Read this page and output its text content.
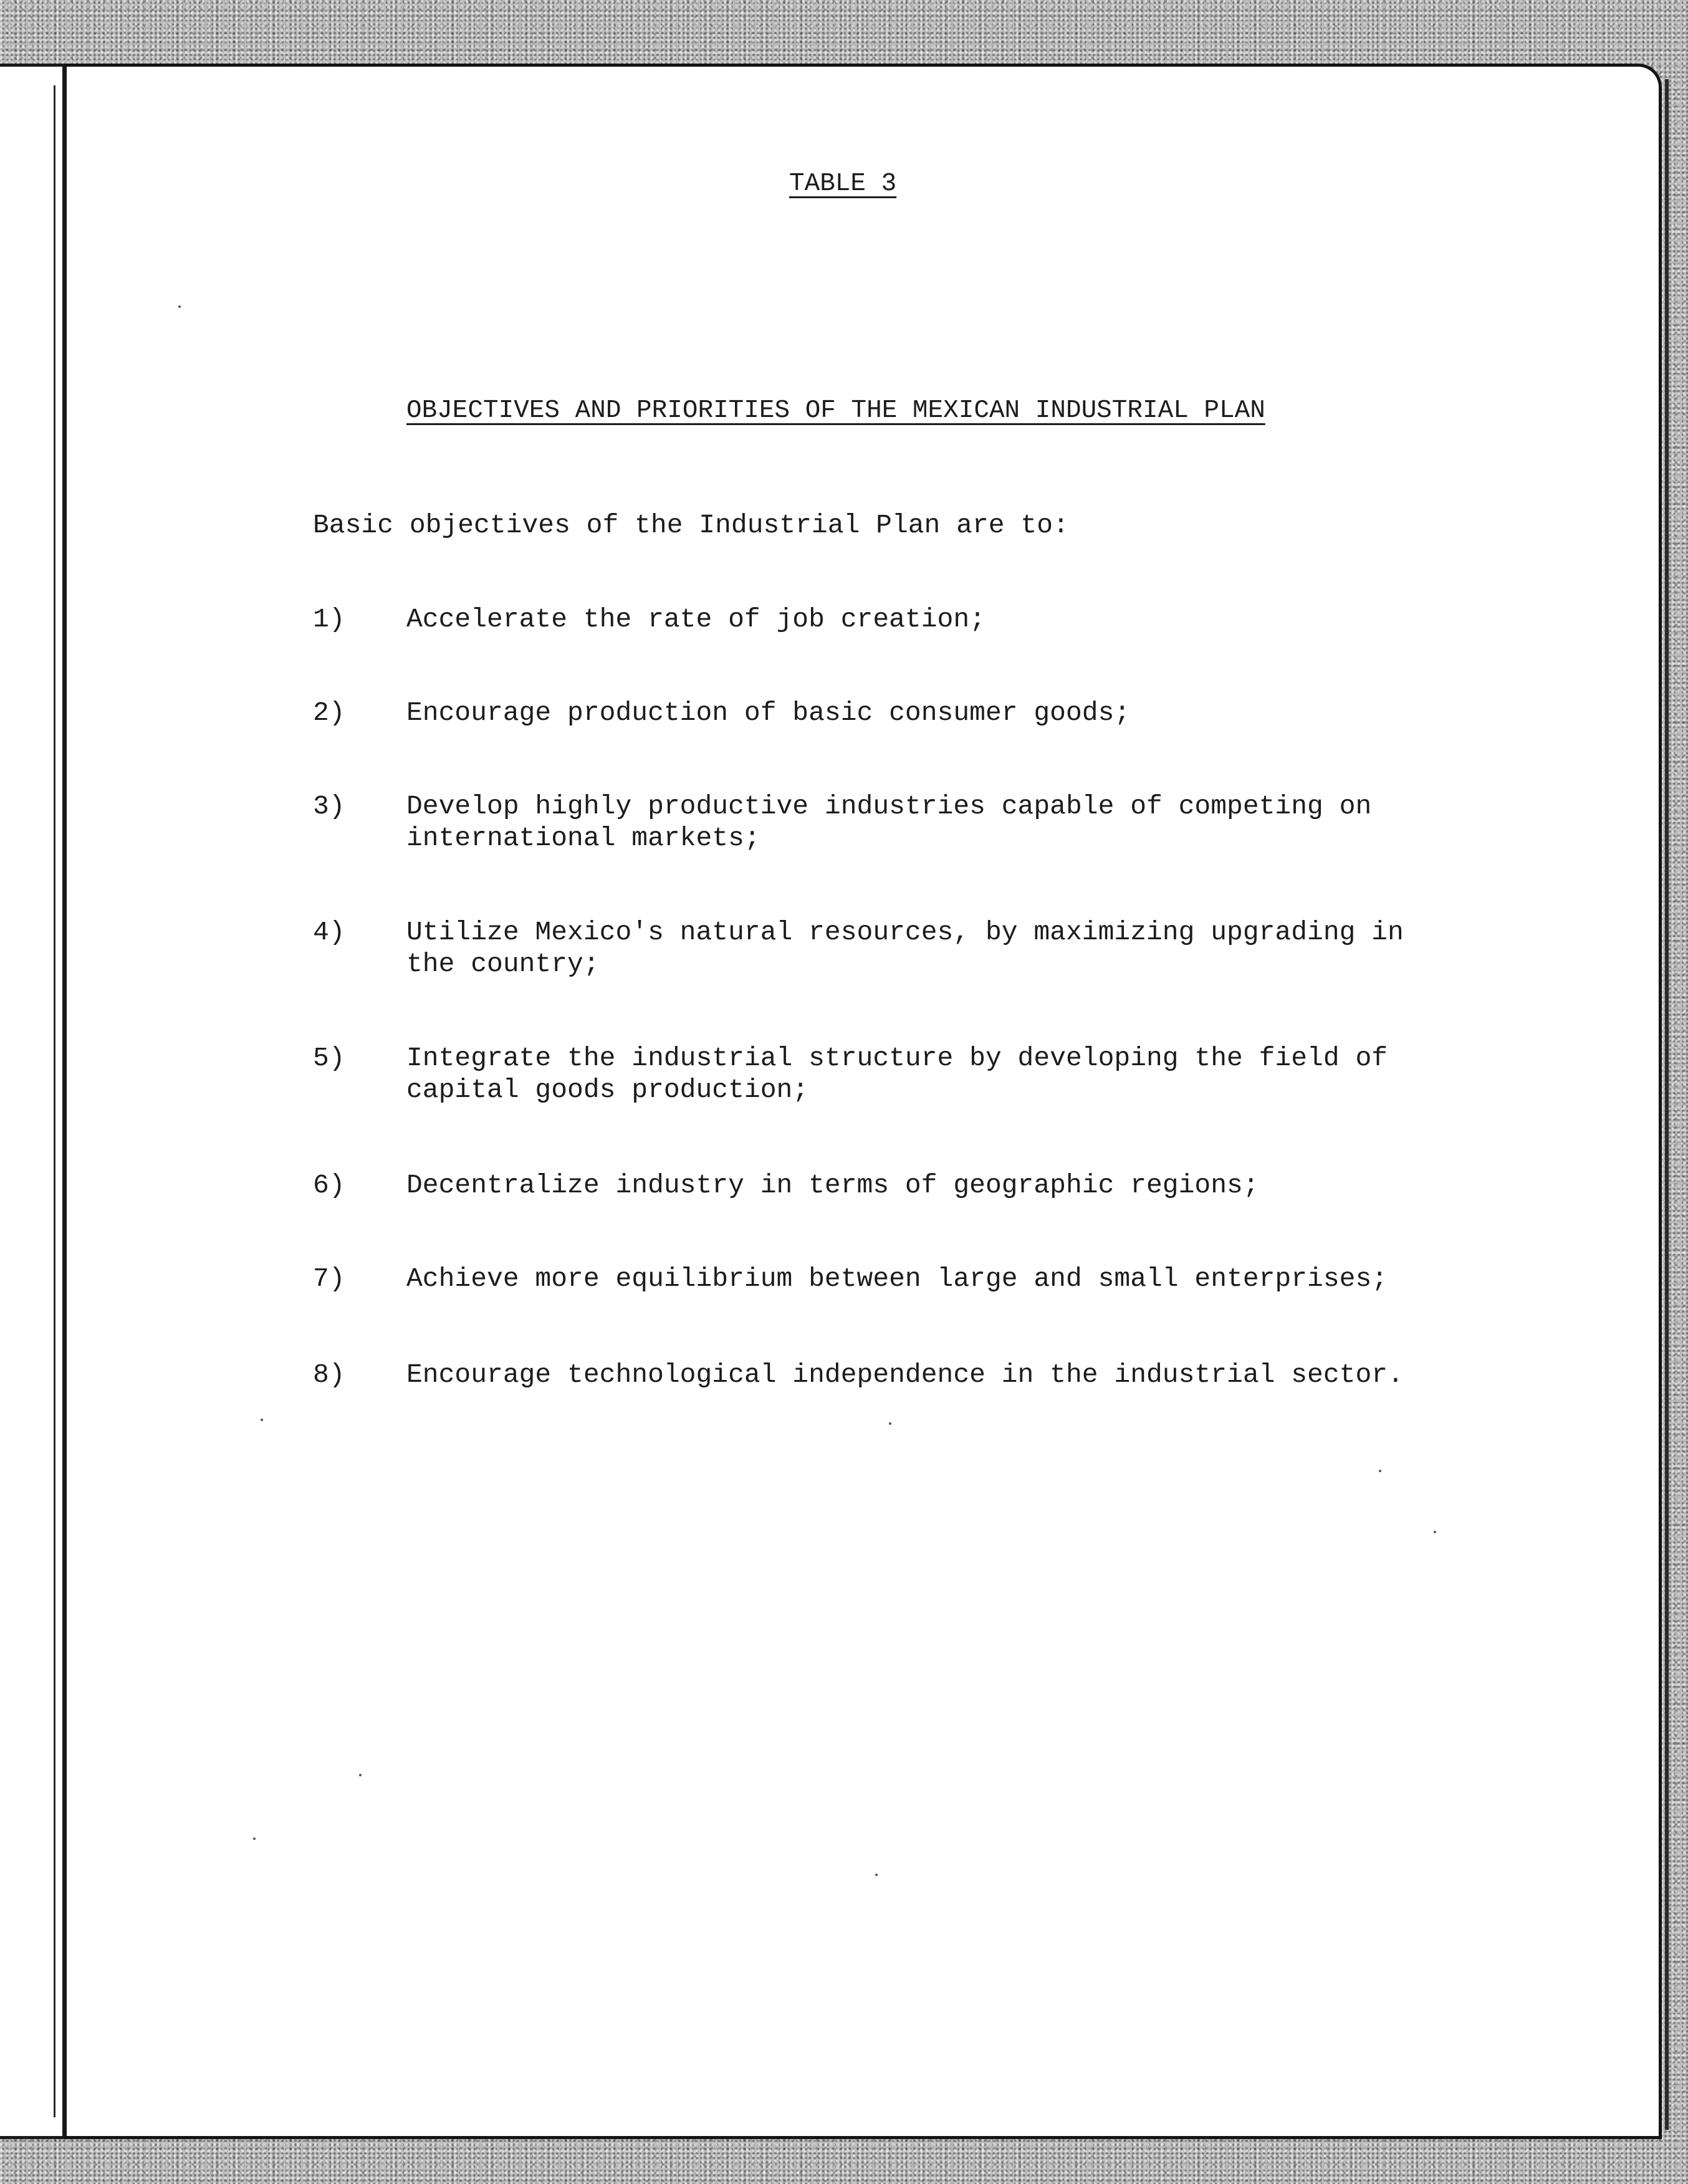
TABLE 3
OBJECTIVES AND PRIORITIES OF THE MEXICAN INDUSTRIAL PLAN
Basic objectives of the Industrial Plan are to:
1) Accelerate the rate of job creation;
2) Encourage production of basic consumer goods;
3) Develop highly productive industries capable of competing on
international markets;
4) Utilize Mexico's natural resources, by maximizing upgrading in
the country;
5) Integrate the industrial structure by developing the field of
capital goods production;
6) Decentralize industry in terms of geographic regions;
7) Achieve more equilibrium between large and small enterprises;
8) Encourage technological independence in the industrial sector.
